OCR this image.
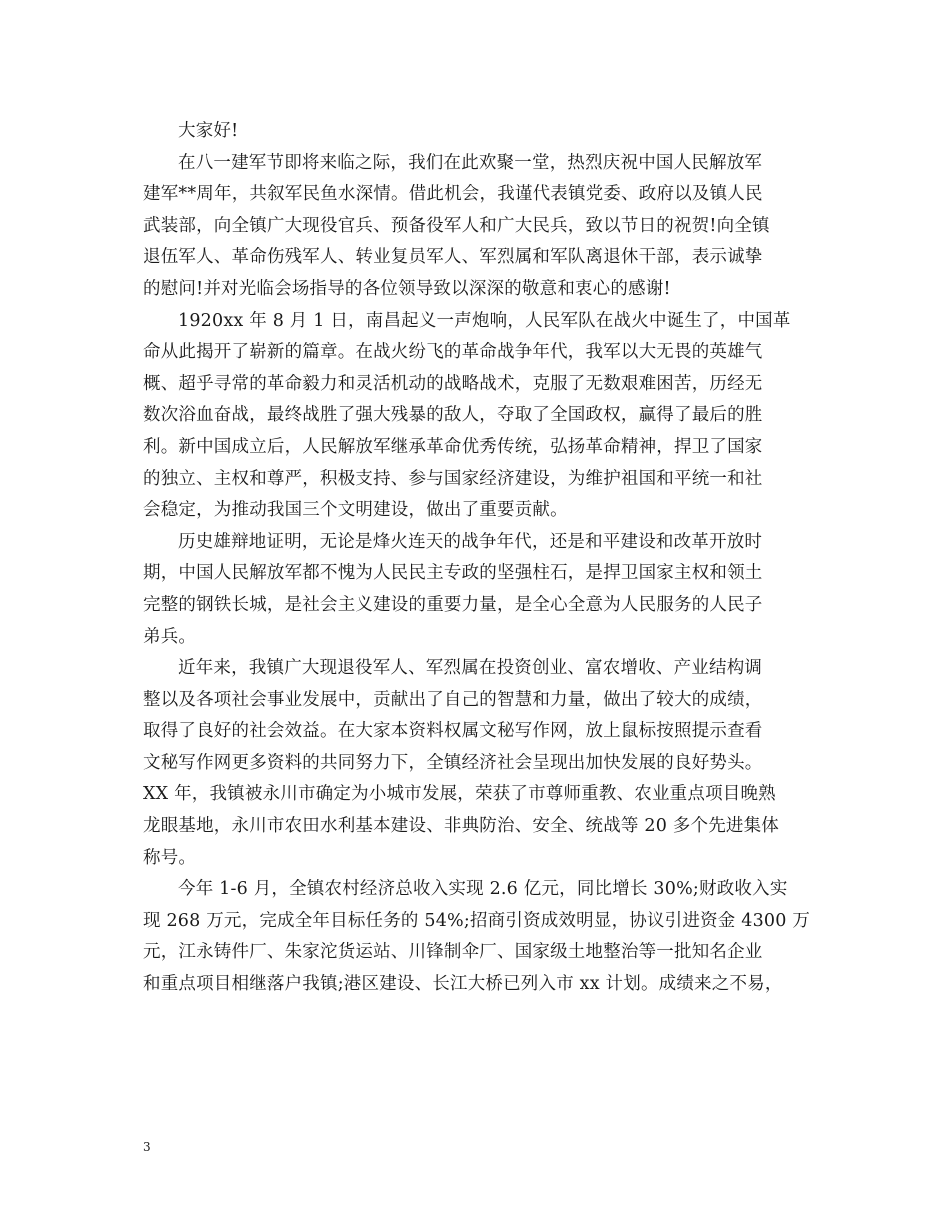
大家好!
在八一建军节即将来临之际，我们在此欢聚一堂，热烈庆祝中国人民解放军
建军**周年，共叙军民鱼水深情。借此机会，我谨代表镇党委、政府以及镇人民
武装部，向全镇广大现役官兵、预备役军人和广大民兵，致以节日的祝贺!向全镇
退伍军人、革命伤残军人、转业复员军人、军烈属和军队离退休干部，表示诚挚
的慰问!并对光临会场指导的各位领导致以深深的敬意和衷心的感谢!
1920xx 年 8 月 1 日，南昌起义一声炮响，人民军队在战火中诞生了，中国革
命从此揭开了崭新的篇章。在战火纷飞的革命战争年代，我军以大无畏的英雄气
概、超乎寻常的革命毅力和灵活机动的战略战术，克服了无数艰难困苦，历经无
数次浴血奋战，最终战胜了强大残暴的敌人，夺取了全国政权，赢得了最后的胜
利。新中国成立后，人民解放军继承革命优秀传统，弘扬革命精神，捍卫了国家
的独立、主权和尊严，积极支持、参与国家经济建设，为维护祖国和平统一和社
会稳定，为推动我国三个文明建设，做出了重要贡献。
历史雄辩地证明，无论是烽火连天的战争年代，还是和平建设和改革开放时
期，中国人民解放军都不愧为人民民主专政的坚强柱石，是捍卫国家主权和领土
完整的钢铁长城，是社会主义建设的重要力量，是全心全意为人民服务的人民子
弟兵。
近年来，我镇广大现退役军人、军烈属在投资创业、富农增收、产业结构调
整以及各项社会事业发展中，贡献出了自己的智慧和力量，做出了较大的成绩，
取得了良好的社会效益。在大家本资料权属文秘写作网，放上鼠标按照提示查看
文秘写作网更多资料的共同努力下，全镇经济社会呈现出加快发展的良好势头。
XX 年，我镇被永川市确定为小城市发展，荣获了市尊师重教、农业重点项目晚熟
龙眼基地，永川市农田水利基本建设、非典防治、安全、统战等 20 多个先进集体
称号。
今年 1-6 月，全镇农村经济总收入实现 2.6 亿元，同比增长 30%;财政收入实
现 268 万元，完成全年目标任务的 54%;招商引资成效明显，协议引进资金 4300 万
元，江永铸件厂、朱家沱货运站、川锋制伞厂、国家级土地整治等一批知名企业
和重点项目相继落户我镇;港区建设、长江大桥已列入市 xx 计划。成绩来之不易，
3
